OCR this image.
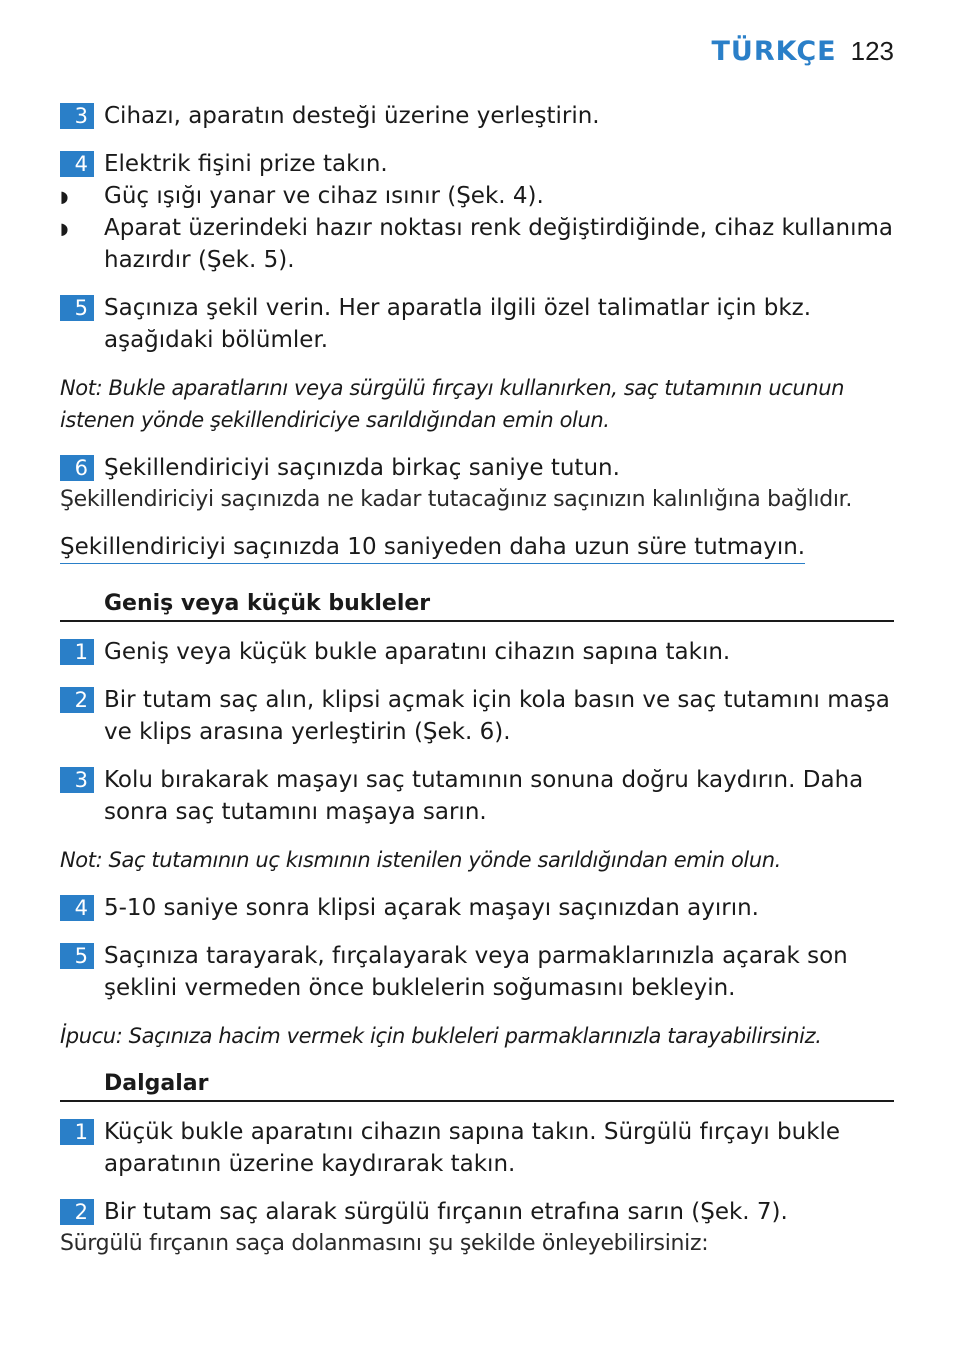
TÜRKÇE 123
3 Cihazı, aparatın desteği üzerine yerleştirin.
4 Elektrik fişini prize takın.
◗ Güç ışığı yanar ve cihaz ısınır (Şek. 4).
◗ Aparat üzerindeki hazır noktası renk değiştirdiğinde, cihaz kullanıma hazırdır (Şek. 5).
5 Saçınıza şekil verin. Her aparatla ilgili özel talimatlar için bkz. aşağıdaki bölümler.
Not: Bukle aparatlarını veya sürgülü fırçayı kullanırken, saç tutamının ucunun istenen yönde şekillendiriciye sarıldığından emin olun.
6 Şekillendiriciyi saçınızda birkaç saniye tutun.
Şekillendiriciyi saçınızda ne kadar tutacağınız saçınızın kalınlığına bağlıdır.
Şekillendiriciyi saçınızda 10 saniyeden daha uzun süre tutmayın.
Geniş veya küçük bukleler
1 Geniş veya küçük bukle aparatını cihazın sapına takın.
2 Bir tutam saç alın, klipsi açmak için kola basın ve saç tutamını maşa ve klips arasına yerleştirin (Şek. 6).
3 Kolu bırakarak maşayı saç tutamının sonuna doğru kaydırın. Daha sonra saç tutamını maşaya sarın.
Not: Saç tutamının uç kısmının istenilen yönde sarıldığından emin olun.
4 5-10 saniye sonra klipsi açarak maşayı saçınızdan ayırın.
5 Saçınıza tarayarak, fırçalayarak veya parmaklarınızla açarak son şeklini vermeden önce buklelerin soğumasını bekleyin.
İpucu: Saçınıza hacim vermek için bukleleri parmaklarınızla tarayabilirsiniz.
Dalgalar
1 Küçük bukle aparatını cihazın sapına takın. Sürgülü fırçayı bukle aparatının üzerine kaydırarak takın.
2 Bir tutam saç alarak sürgülü fırçanın etrafına sarın (Şek. 7).
Sürgülü fırçanın saça dolanmasını şu şekilde önleyebilirsiniz:
